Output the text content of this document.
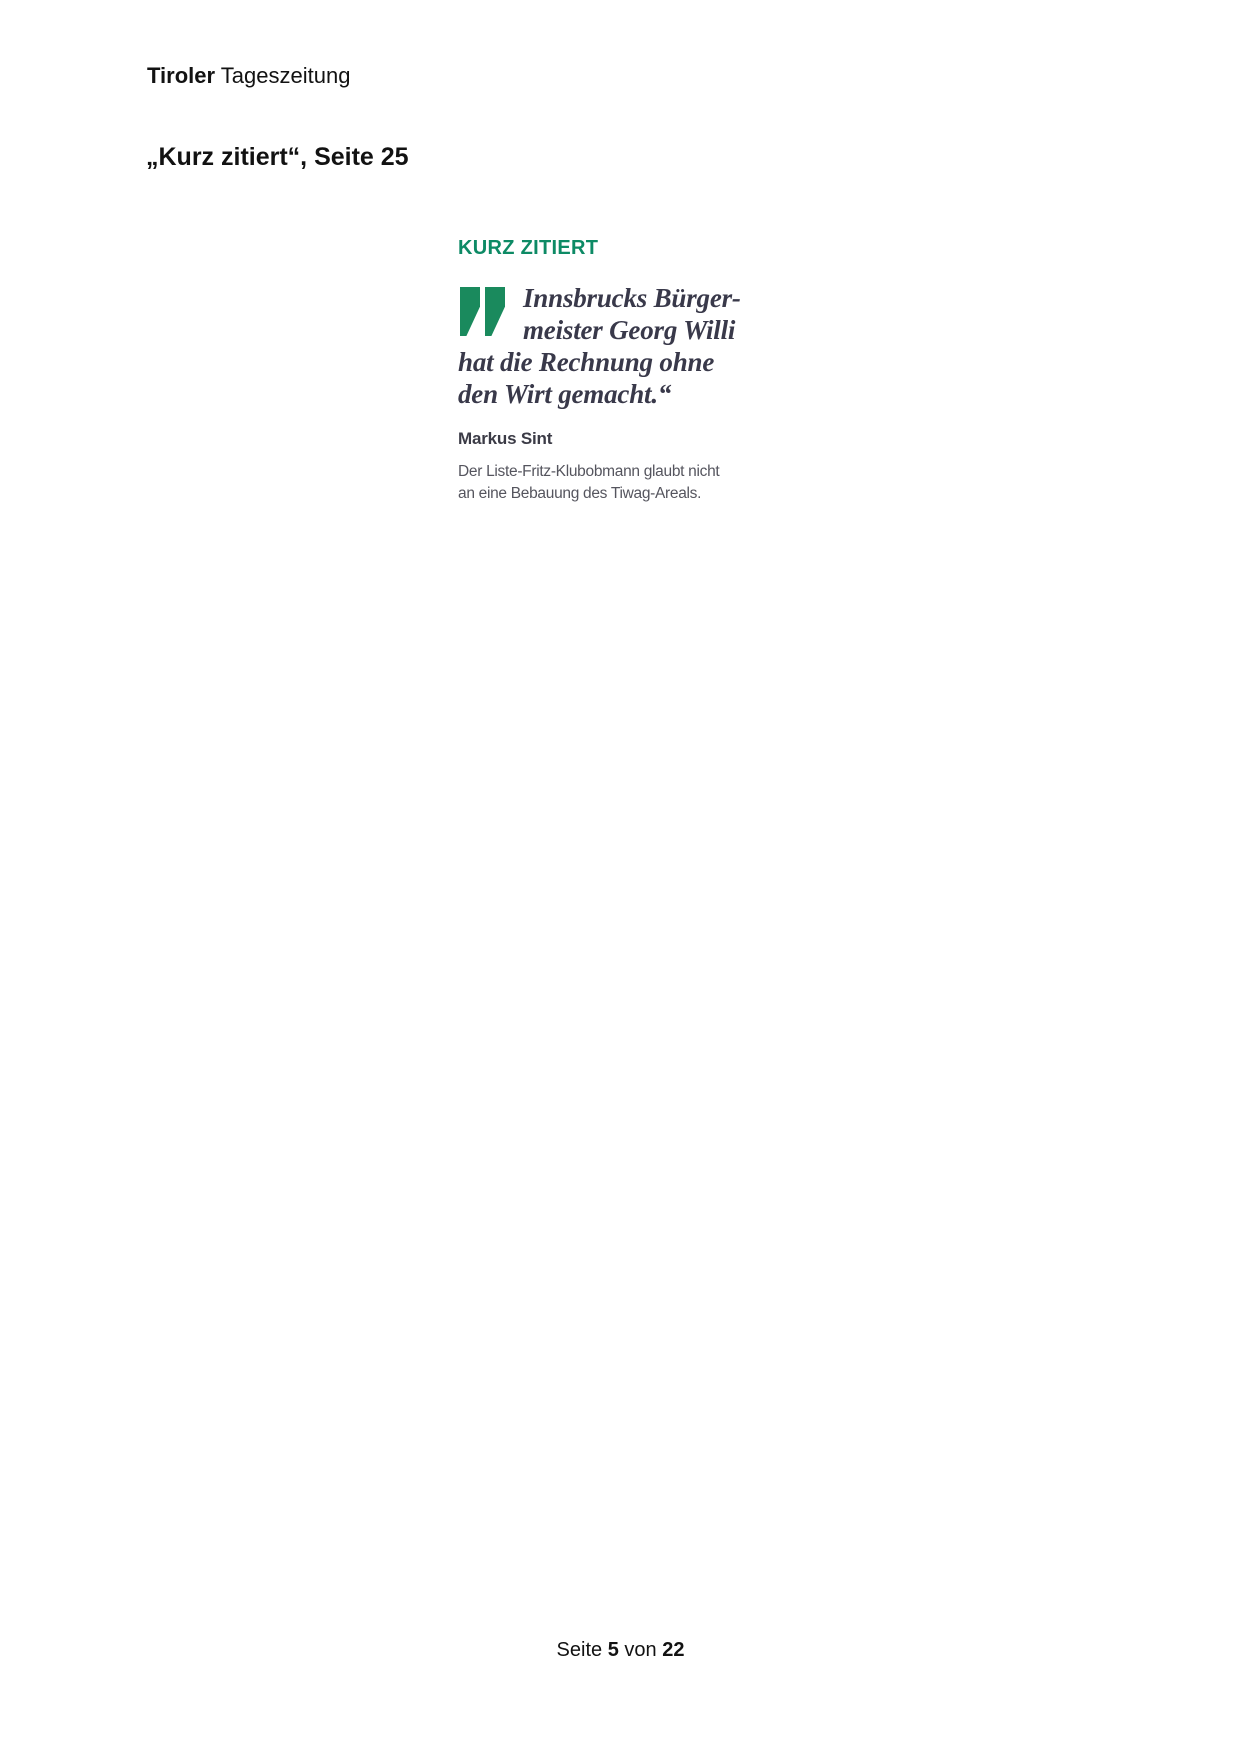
Tiroler Tageszeitung
„Kurz zitiert“, Seite 25
KURZ ZITIERT
Innsbrucks Bürger-
meister Georg Willi
hat die Rechnung ohne
den Wirt gemacht.“
Markus Sint
Der Liste-Fritz-Klubobmann glaubt nicht
an eine Bebauung des Tiwag-Areals.
Seite 5 von 22
